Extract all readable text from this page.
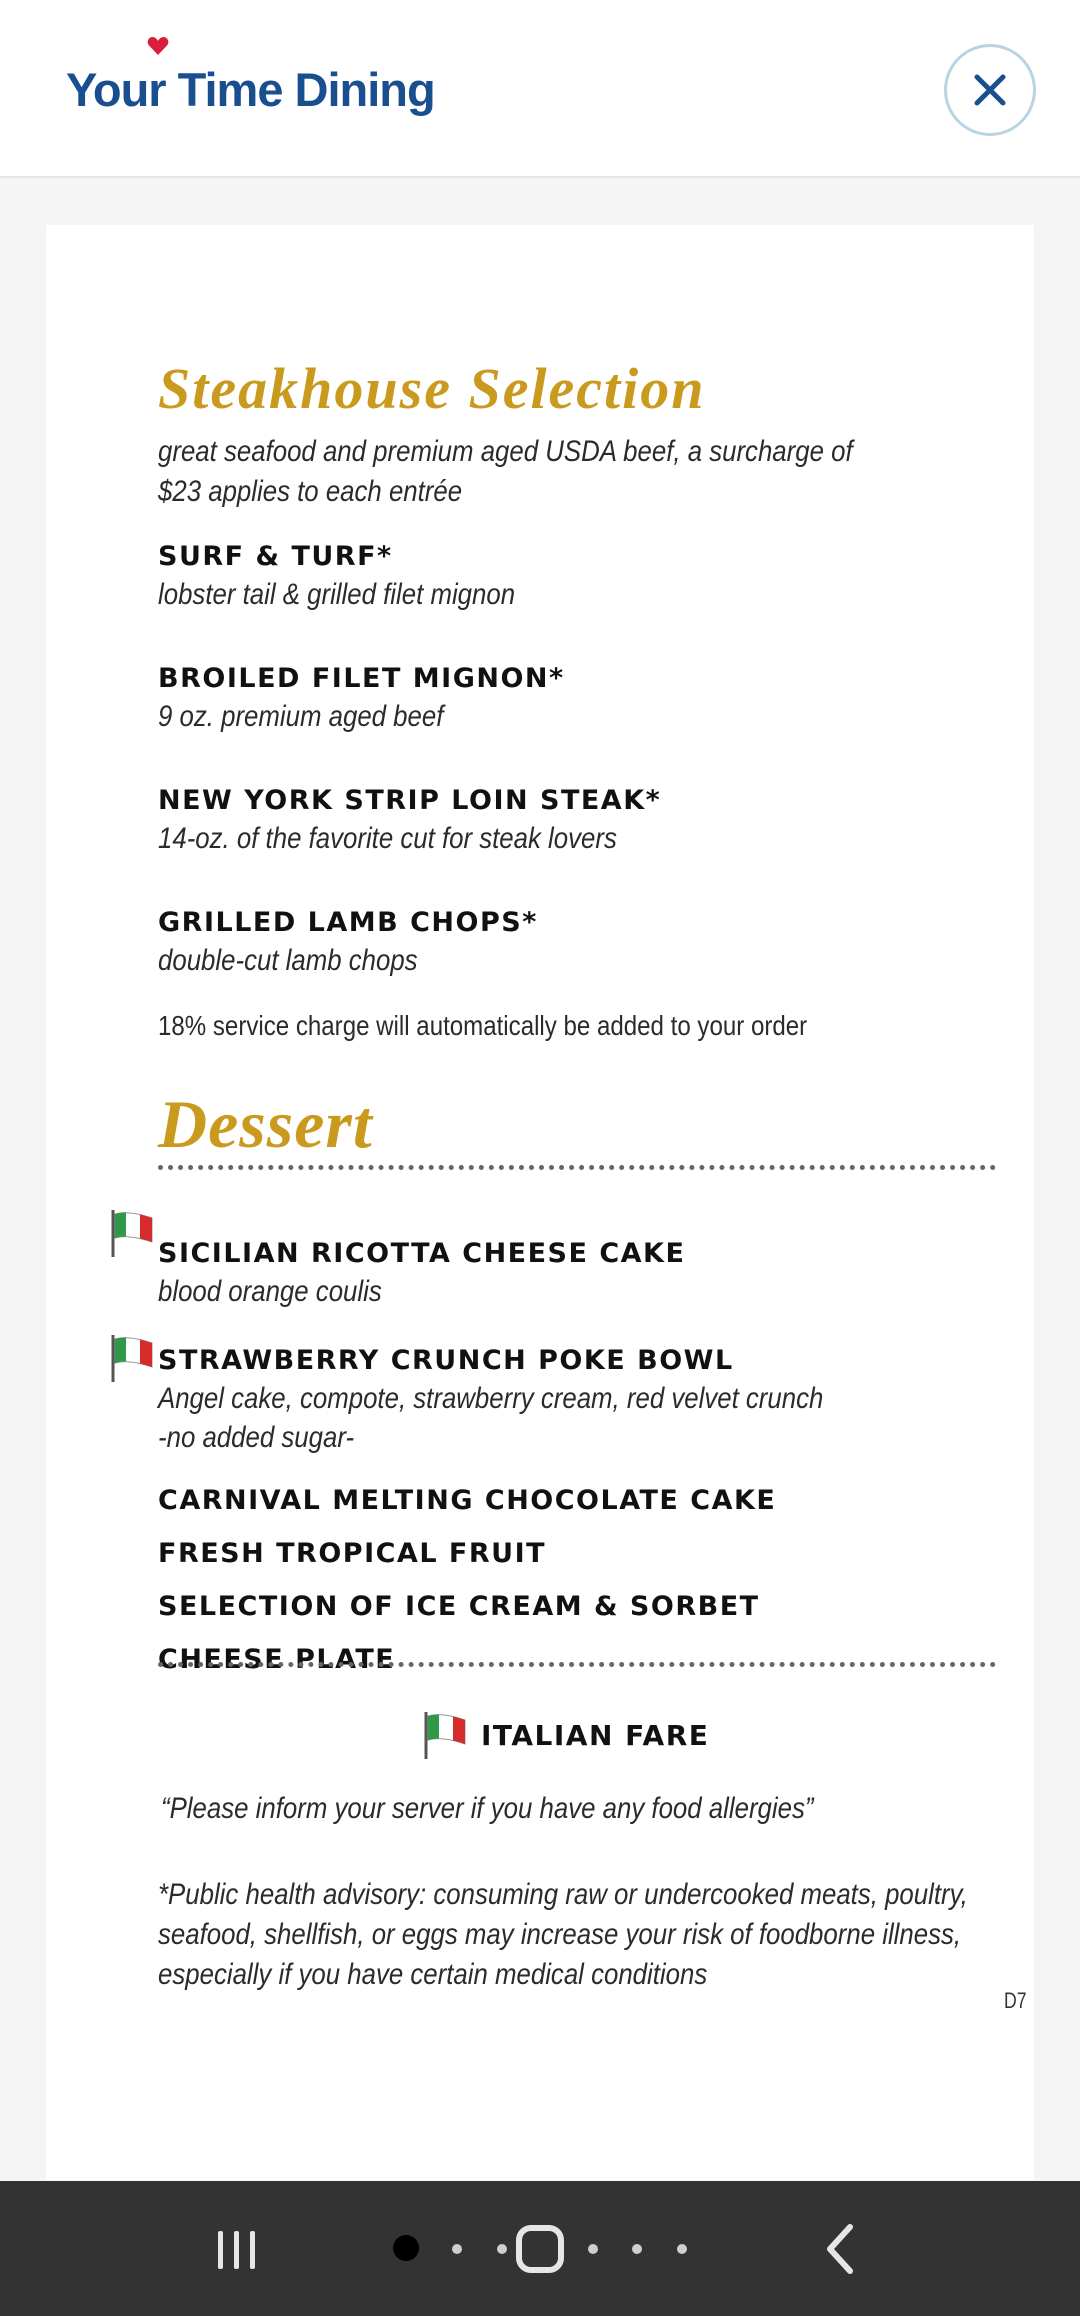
Your Time Dining
Steakhouse Selection
great seafood and premium aged USDA beef, a surcharge of $23 applies to each entrée
SURF & TURF*
lobster tail & grilled filet mignon
BROILED FILET MIGNON*
9 oz. premium aged beef
NEW YORK STRIP LOIN STEAK*
14-oz. of the favorite cut for steak lovers
GRILLED LAMB CHOPS*
double-cut lamb chops
18% service charge will automatically be added to your order
Dessert
SICILIAN RICOTTA CHEESE CAKE
blood orange coulis
STRAWBERRY CRUNCH POKE BOWL
Angel cake, compote, strawberry cream, red velvet crunch
-no added sugar-
CARNIVAL MELTING CHOCOLATE CAKE
FRESH TROPICAL FRUIT
SELECTION OF ICE CREAM & SORBET
CHEESE PLATE
ITALIAN FARE
“Please inform your server if you have any food allergies”
*Public health advisory: consuming raw or undercooked meats, poultry, seafood, shellfish, or eggs may increase your risk of foodborne illness, especially if you have certain medical conditions
D7
